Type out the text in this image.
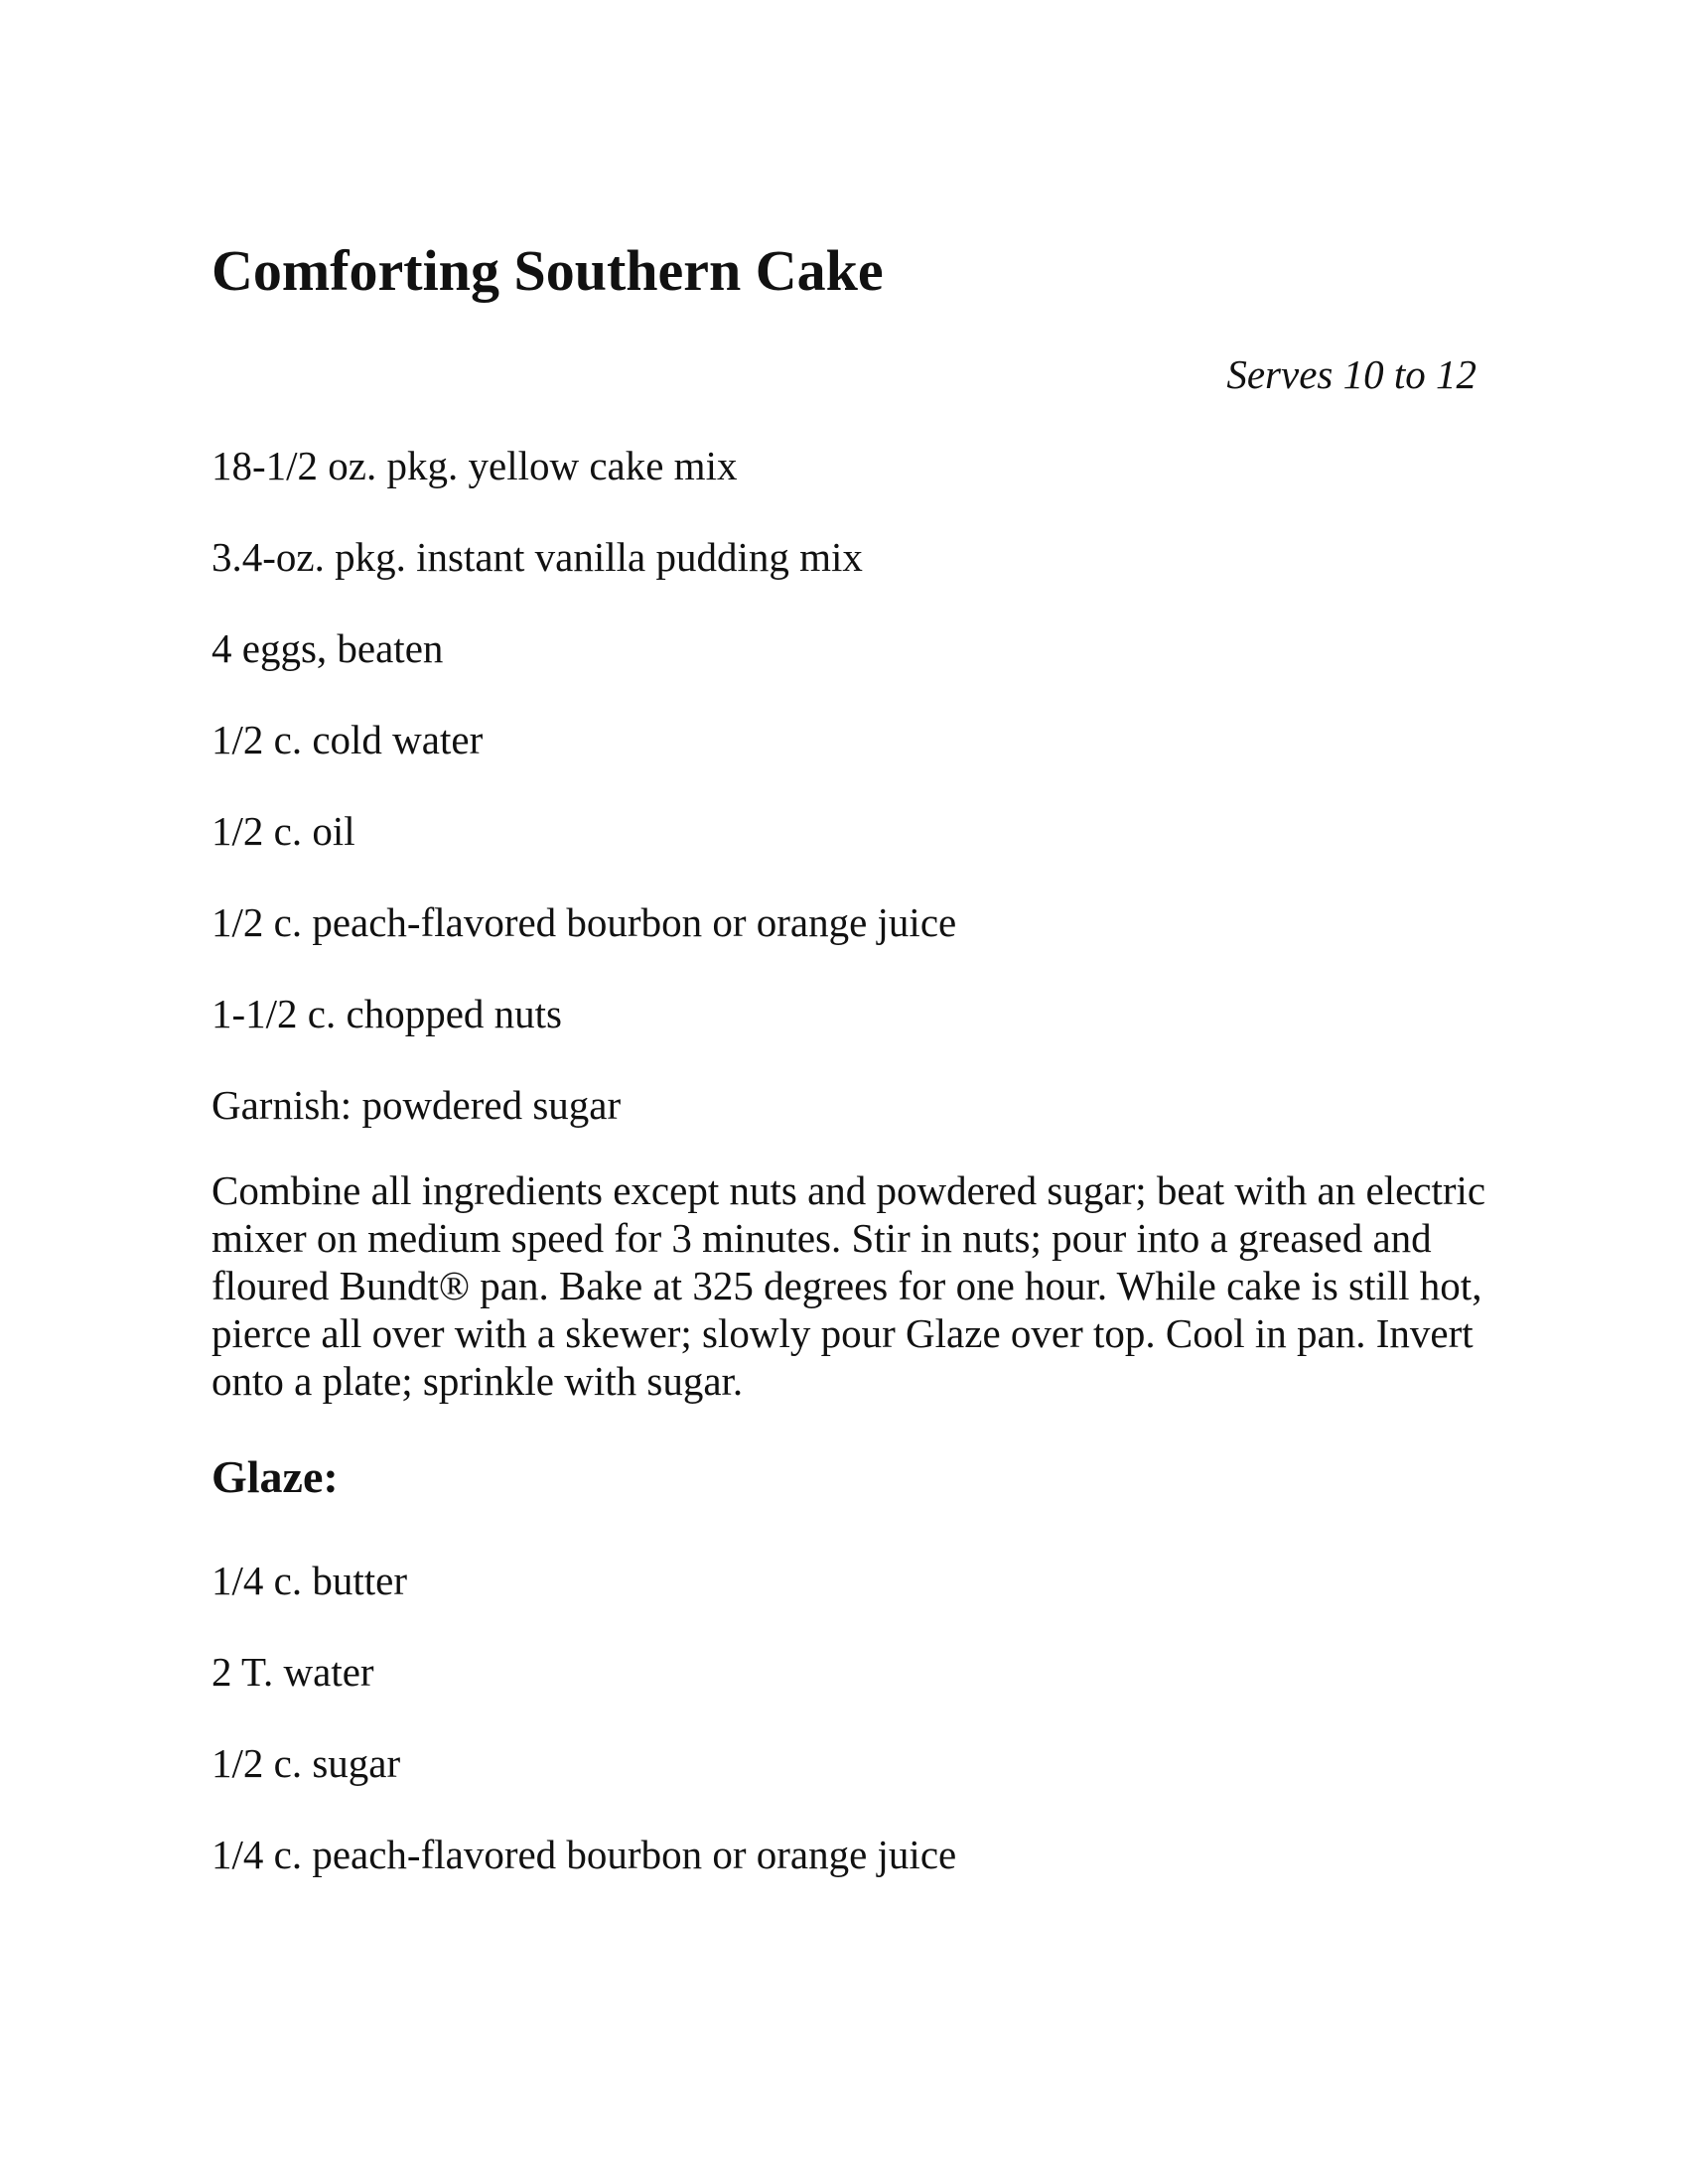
Comforting Southern Cake

Serves 10 to 12

18-1/2 oz. pkg. yellow cake mix
3.4-oz. pkg. instant vanilla pudding mix
4 eggs, beaten
1/2 c. cold water
1/2 c. oil
1/2 c. peach-flavored bourbon or orange juice
1-1/2 c. chopped nuts
Garnish: powdered sugar

Combine all ingredients except nuts and powdered sugar; beat with an electric mixer on medium speed for 3 minutes. Stir in nuts; pour into a greased and floured Bundt® pan. Bake at 325 degrees for one hour. While cake is still hot, pierce all over with a skewer; slowly pour Glaze over top. Cool in pan. Invert onto a plate; sprinkle with sugar.

Glaze:
1/4 c. butter
2 T. water
1/2 c. sugar
1/4 c. peach-flavored bourbon or orange juice
